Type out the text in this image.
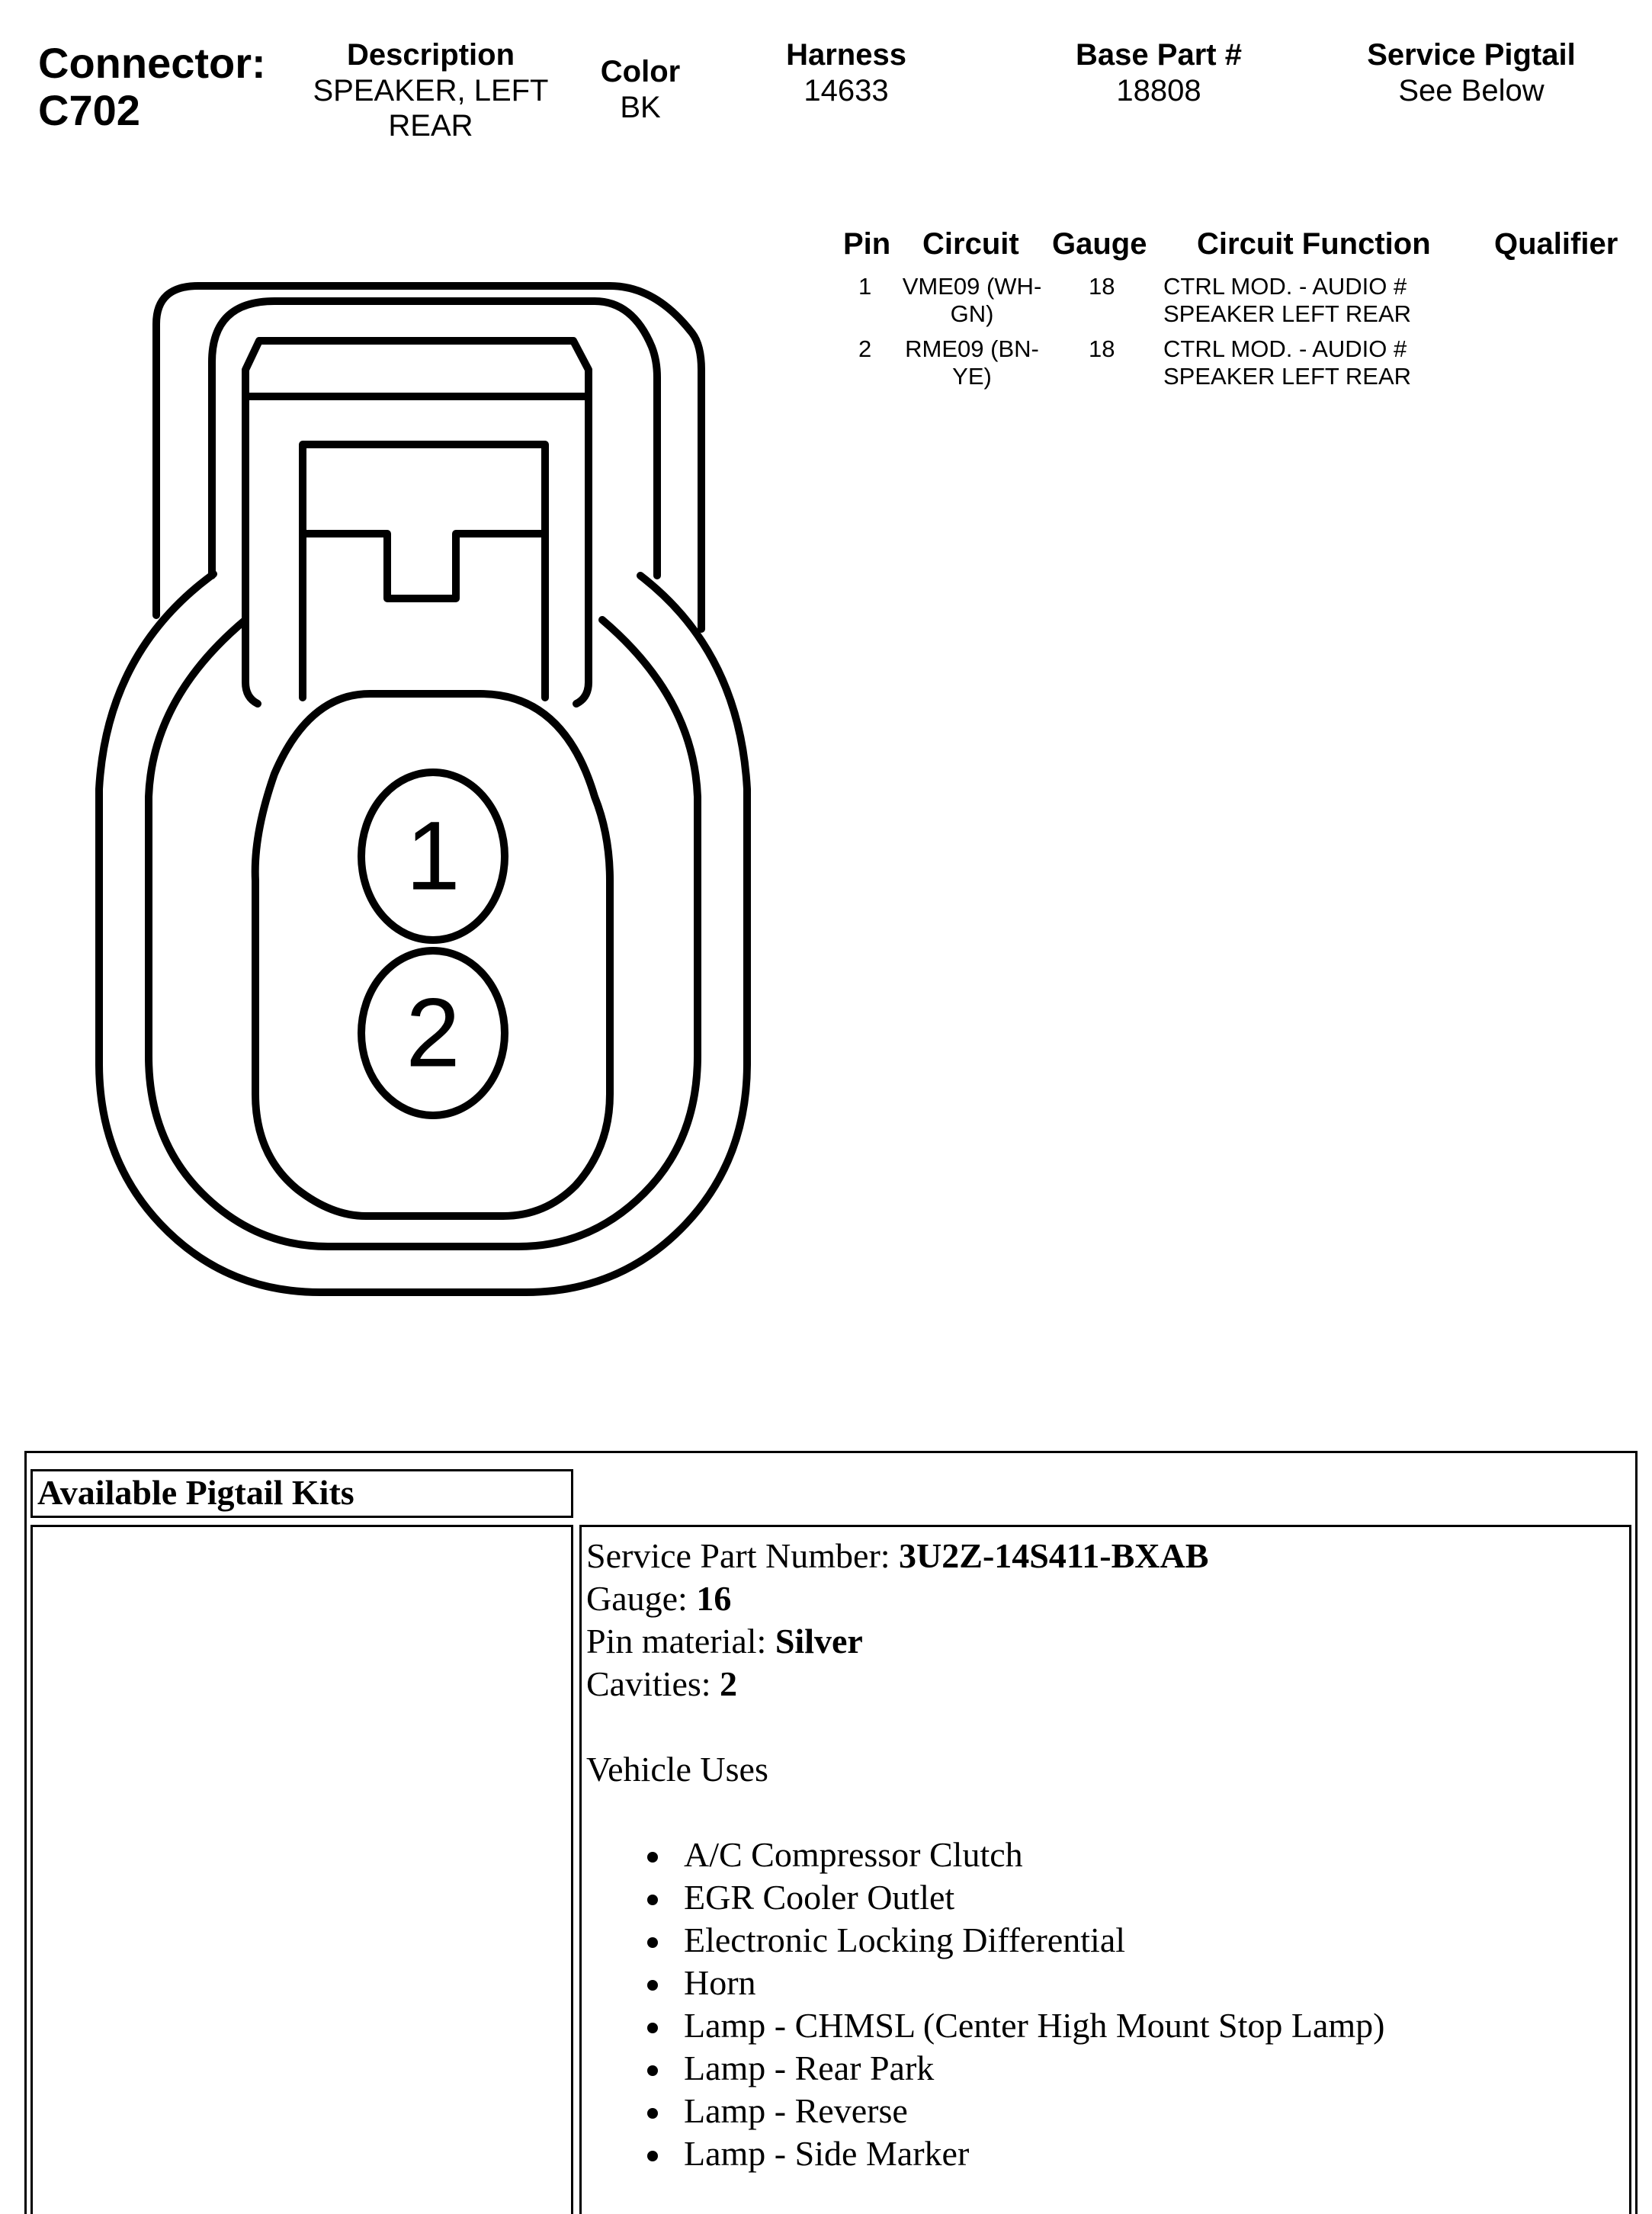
Connector:
C702
Description
SPEAKER, LEFT
REAR
Color
BK
Harness
14633
Base Part #
18808
Service Pigtail
See Below
Pin Circuit Gauge Circuit Function Qualifier
1	VME09 (WH-
GN)
18 CTRL MOD. - AUDIO #
SPEAKER LEFT REAR
2	RME09 (BN-
YE)
18 CTRL MOD. - AUDIO #
SPEAKER LEFT REAR
1
2
Available Pigtail Kits
Service Part Number: 3U2Z-14S411-BXAB
Gauge: 16
Pin material: Silver
Cavities: 2
Vehicle Uses
A/C Compressor Clutch
EGR Cooler Outlet
Electronic Locking Differential
Horn
Lamp - CHMSL (Center High Mount Stop Lamp)
Lamp - Rear Park
Lamp - Reverse
Lamp - Side Marker
